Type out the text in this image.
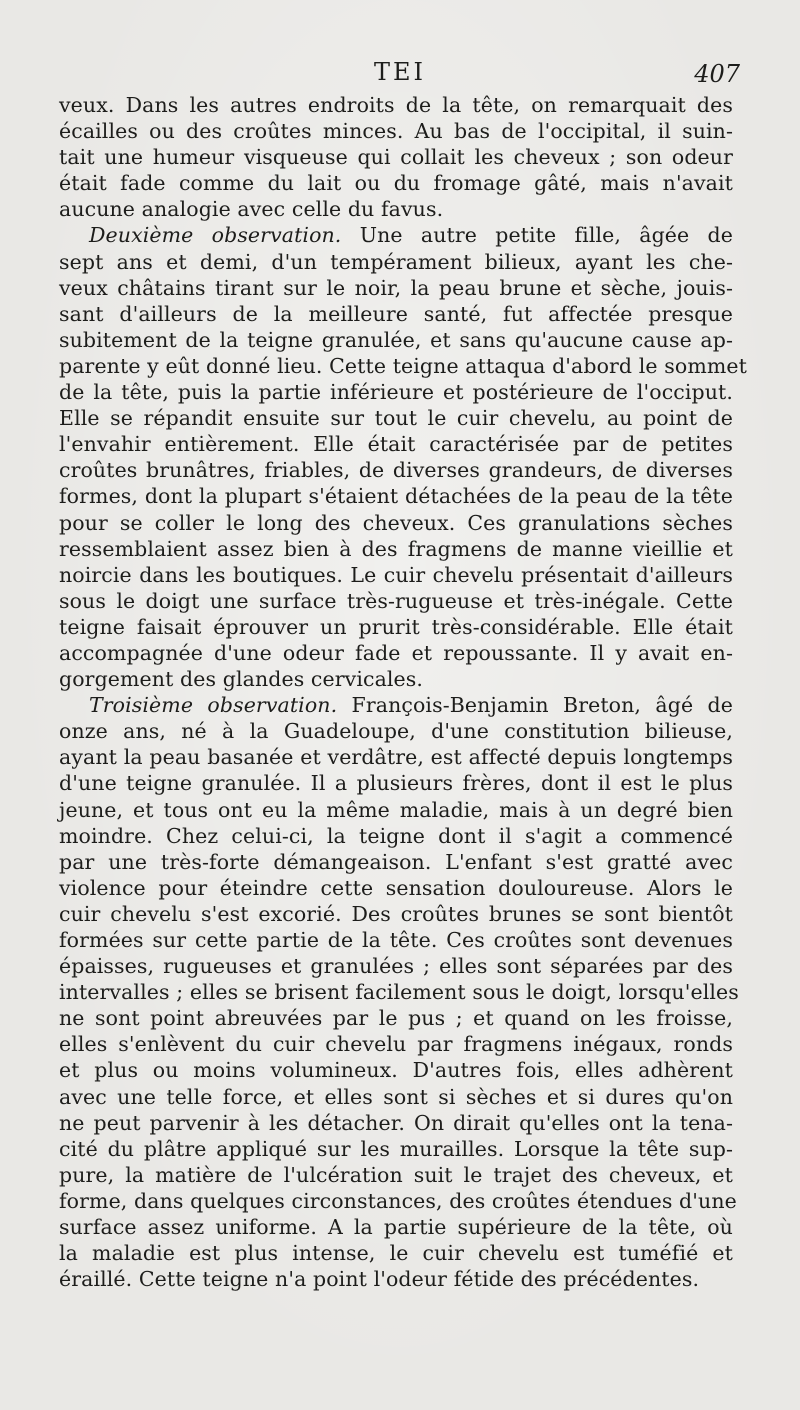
TEI	407
veux. Dans les autres endroits de la tête, on remarquait des
écailles ou des croûtes minces. Au bas de l'occipital, il suin-
tait une humeur visqueuse qui collait les cheveux ; son odeur
était fade comme du lait ou du fromage gâté, mais n'avait
aucune analogie avec celle du favus.
Deuxième observation. Une autre petite fille, âgée de
sept ans et demi, d'un tempérament bilieux, ayant les che-
veux châtains tirant sur le noir, la peau brune et sèche, jouis-
sant d'ailleurs de la meilleure santé, fut affectée presque
subitement de la teigne granulée, et sans qu'aucune cause ap-
parente y eût donné lieu. Cette teigne attaqua d'abord le sommet
de la tête, puis la partie inférieure et postérieure de l'occiput.
Elle se répandit ensuite sur tout le cuir chevelu, au point de
l'envahir entièrement. Elle était caractérisée par de petites
croûtes brunâtres, friables, de diverses grandeurs, de diverses
formes, dont la plupart s'étaient détachées de la peau de la tête
pour se coller le long des cheveux. Ces granulations sèches
ressemblaient assez bien à des fragmens de manne vieillie et
noircie dans les boutiques. Le cuir chevelu présentait d'ailleurs
sous le doigt une surface très-rugueuse et très-inégale. Cette
teigne faisait éprouver un prurit très-considérable. Elle était
accompagnée d'une odeur fade et repoussante. Il y avait en-
gorgement des glandes cervicales.
Troisième observation. François-Benjamin Breton, âgé de
onze ans, né à la Guadeloupe, d'une constitution bilieuse,
ayant la peau basanée et verdâtre, est affecté depuis longtemps
d'une teigne granulée. Il a plusieurs frères, dont il est le plus
jeune, et tous ont eu la même maladie, mais à un degré bien
moindre. Chez celui-ci, la teigne dont il s'agit a commencé
par une très-forte démangeaison. L'enfant s'est gratté avec
violence pour éteindre cette sensation douloureuse. Alors le
cuir chevelu s'est excorié. Des croûtes brunes se sont bientôt
formées sur cette partie de la tête. Ces croûtes sont devenues
épaisses, rugueuses et granulées ; elles sont séparées par des
intervalles ; elles se brisent facilement sous le doigt, lorsqu'elles
ne sont point abreuvées par le pus ; et quand on les froisse,
elles s'enlèvent du cuir chevelu par fragmens inégaux, ronds
et plus ou moins volumineux. D'autres fois, elles adhèrent
avec une telle force, et elles sont si sèches et si dures qu'on
ne peut parvenir à les détacher. On dirait qu'elles ont la tena-
cité du plâtre appliqué sur les murailles. Lorsque la tête sup-
pure, la matière de l'ulcération suit le trajet des cheveux, et
forme, dans quelques circonstances, des croûtes étendues d'une
surface assez uniforme. A la partie supérieure de la tête, où
la maladie est plus intense, le cuir chevelu est tuméfié et
éraillé. Cette teigne n'a point l'odeur fétide des précédentes.
